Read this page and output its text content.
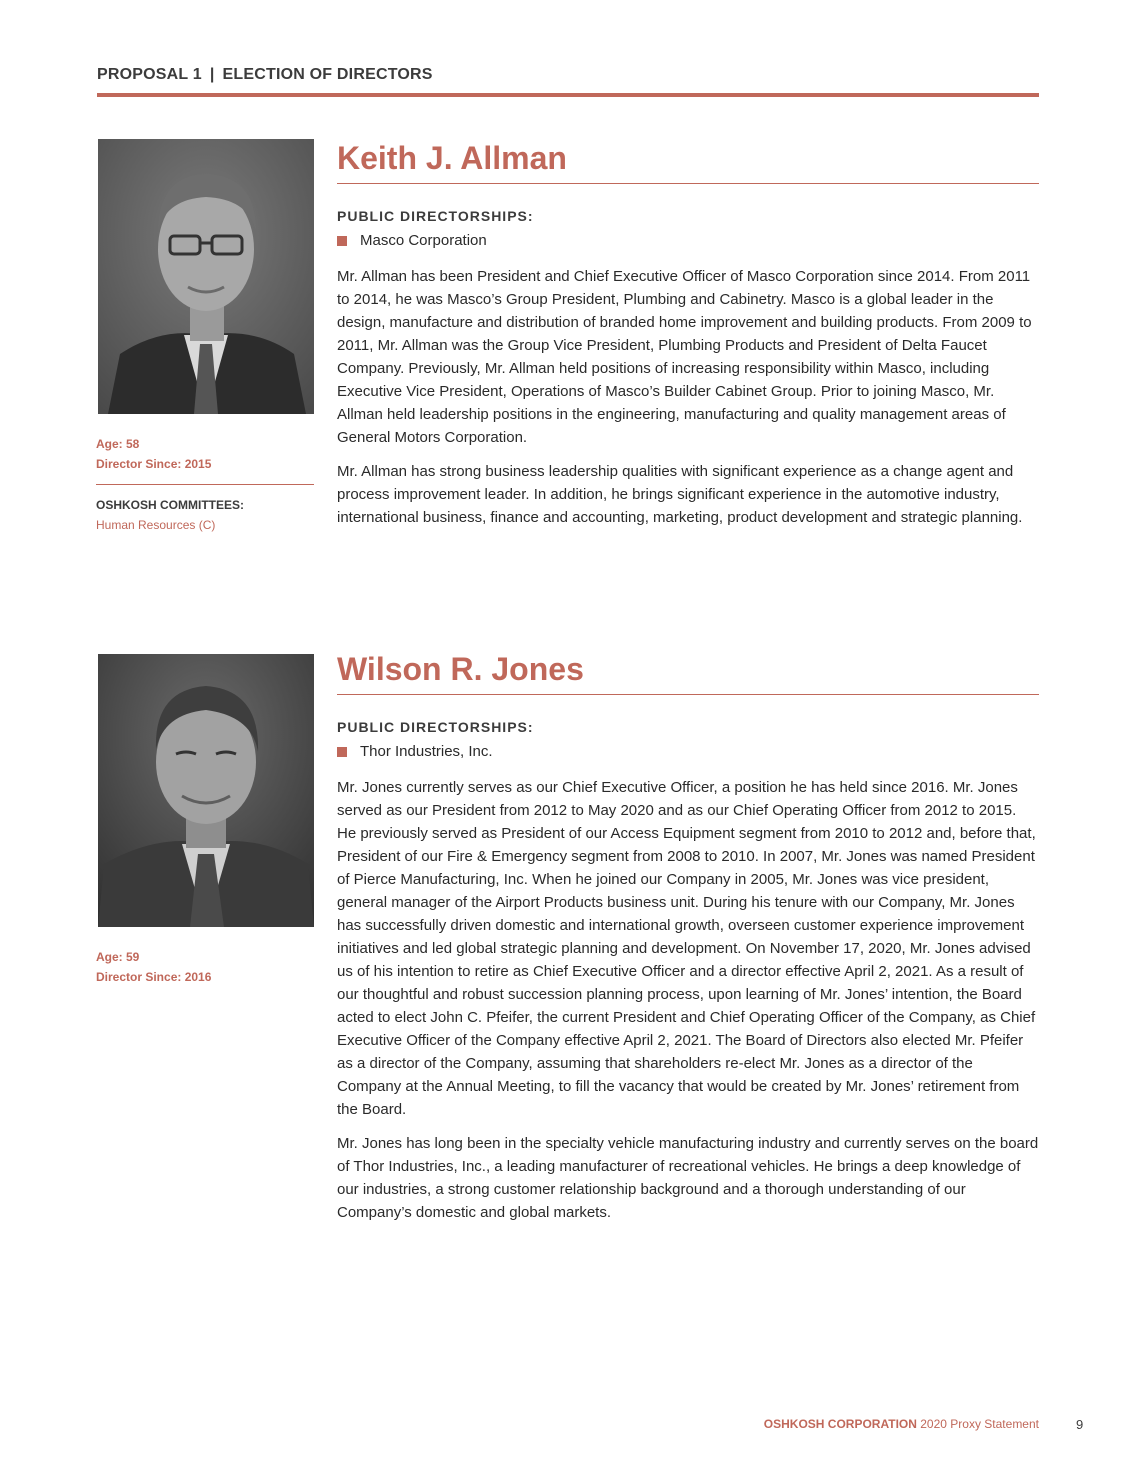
PROPOSAL 1 | ELECTION OF DIRECTORS
Age: 58
Director Since: 2015
OSHKOSH COMMITTEES:
Human Resources (C)
Keith J. Allman
PUBLIC DIRECTORSHIPS:
Masco Corporation

Mr. Allman has been President and Chief Executive Officer of Masco Corporation since 2014. From 2011 to 2014, he was Masco’s Group President, Plumbing and Cabinetry. Masco is a global leader in the design, manufacture and distribution of branded home improvement and building products. From 2009 to 2011, Mr. Allman was the Group Vice President, Plumbing Products and President of Delta Faucet Company. Previously, Mr. Allman held positions of increasing responsibility within Masco, including Executive Vice President, Operations of Masco’s Builder Cabinet Group. Prior to joining Masco, Mr. Allman held leadership positions in the engineering, manufacturing and quality management areas of General Motors Corporation.

Mr. Allman has strong business leadership qualities with significant experience as a change agent and process improvement leader. In addition, he brings significant experience in the automotive industry, international business, finance and accounting, marketing, product development and strategic planning.

Age: 59
Director Since: 2016
Wilson R. Jones
PUBLIC DIRECTORSHIPS:
Thor Industries, Inc.

Mr. Jones currently serves as our Chief Executive Officer, a position he has held since 2016. Mr. Jones served as our President from 2012 to May 2020 and as our Chief Operating Officer from 2012 to 2015. He previously served as President of our Access Equipment segment from 2010 to 2012 and, before that, President of our Fire & Emergency segment from 2008 to 2010. In 2007, Mr. Jones was named President of Pierce Manufacturing, Inc. When he joined our Company in 2005, Mr. Jones was vice president, general manager of the Airport Products business unit. During his tenure with our Company, Mr. Jones has successfully driven domestic and international growth, overseen customer experience improvement initiatives and led global strategic planning and development. On November 17, 2020, Mr. Jones advised us of his intention to retire as Chief Executive Officer and a director effective April 2, 2021. As a result of our thoughtful and robust succession planning process, upon learning of Mr. Jones’ intention, the Board acted to elect John C. Pfeifer, the current President and Chief Operating Officer of the Company, as Chief Executive Officer of the Company effective April 2, 2021. The Board of Directors also elected Mr. Pfeifer as a director of the Company, assuming that shareholders re-elect Mr. Jones as a director of the Company at the Annual Meeting, to fill the vacancy that would be created by Mr. Jones’ retirement from the Board.

Mr. Jones has long been in the specialty vehicle manufacturing industry and currently serves on the board of Thor Industries, Inc., a leading manufacturer of recreational vehicles. He brings a deep knowledge of our industries, a strong customer relationship background and a thorough understanding of our Company’s domestic and global markets.

OSHKOSH CORPORATION 2020 Proxy Statement	9
